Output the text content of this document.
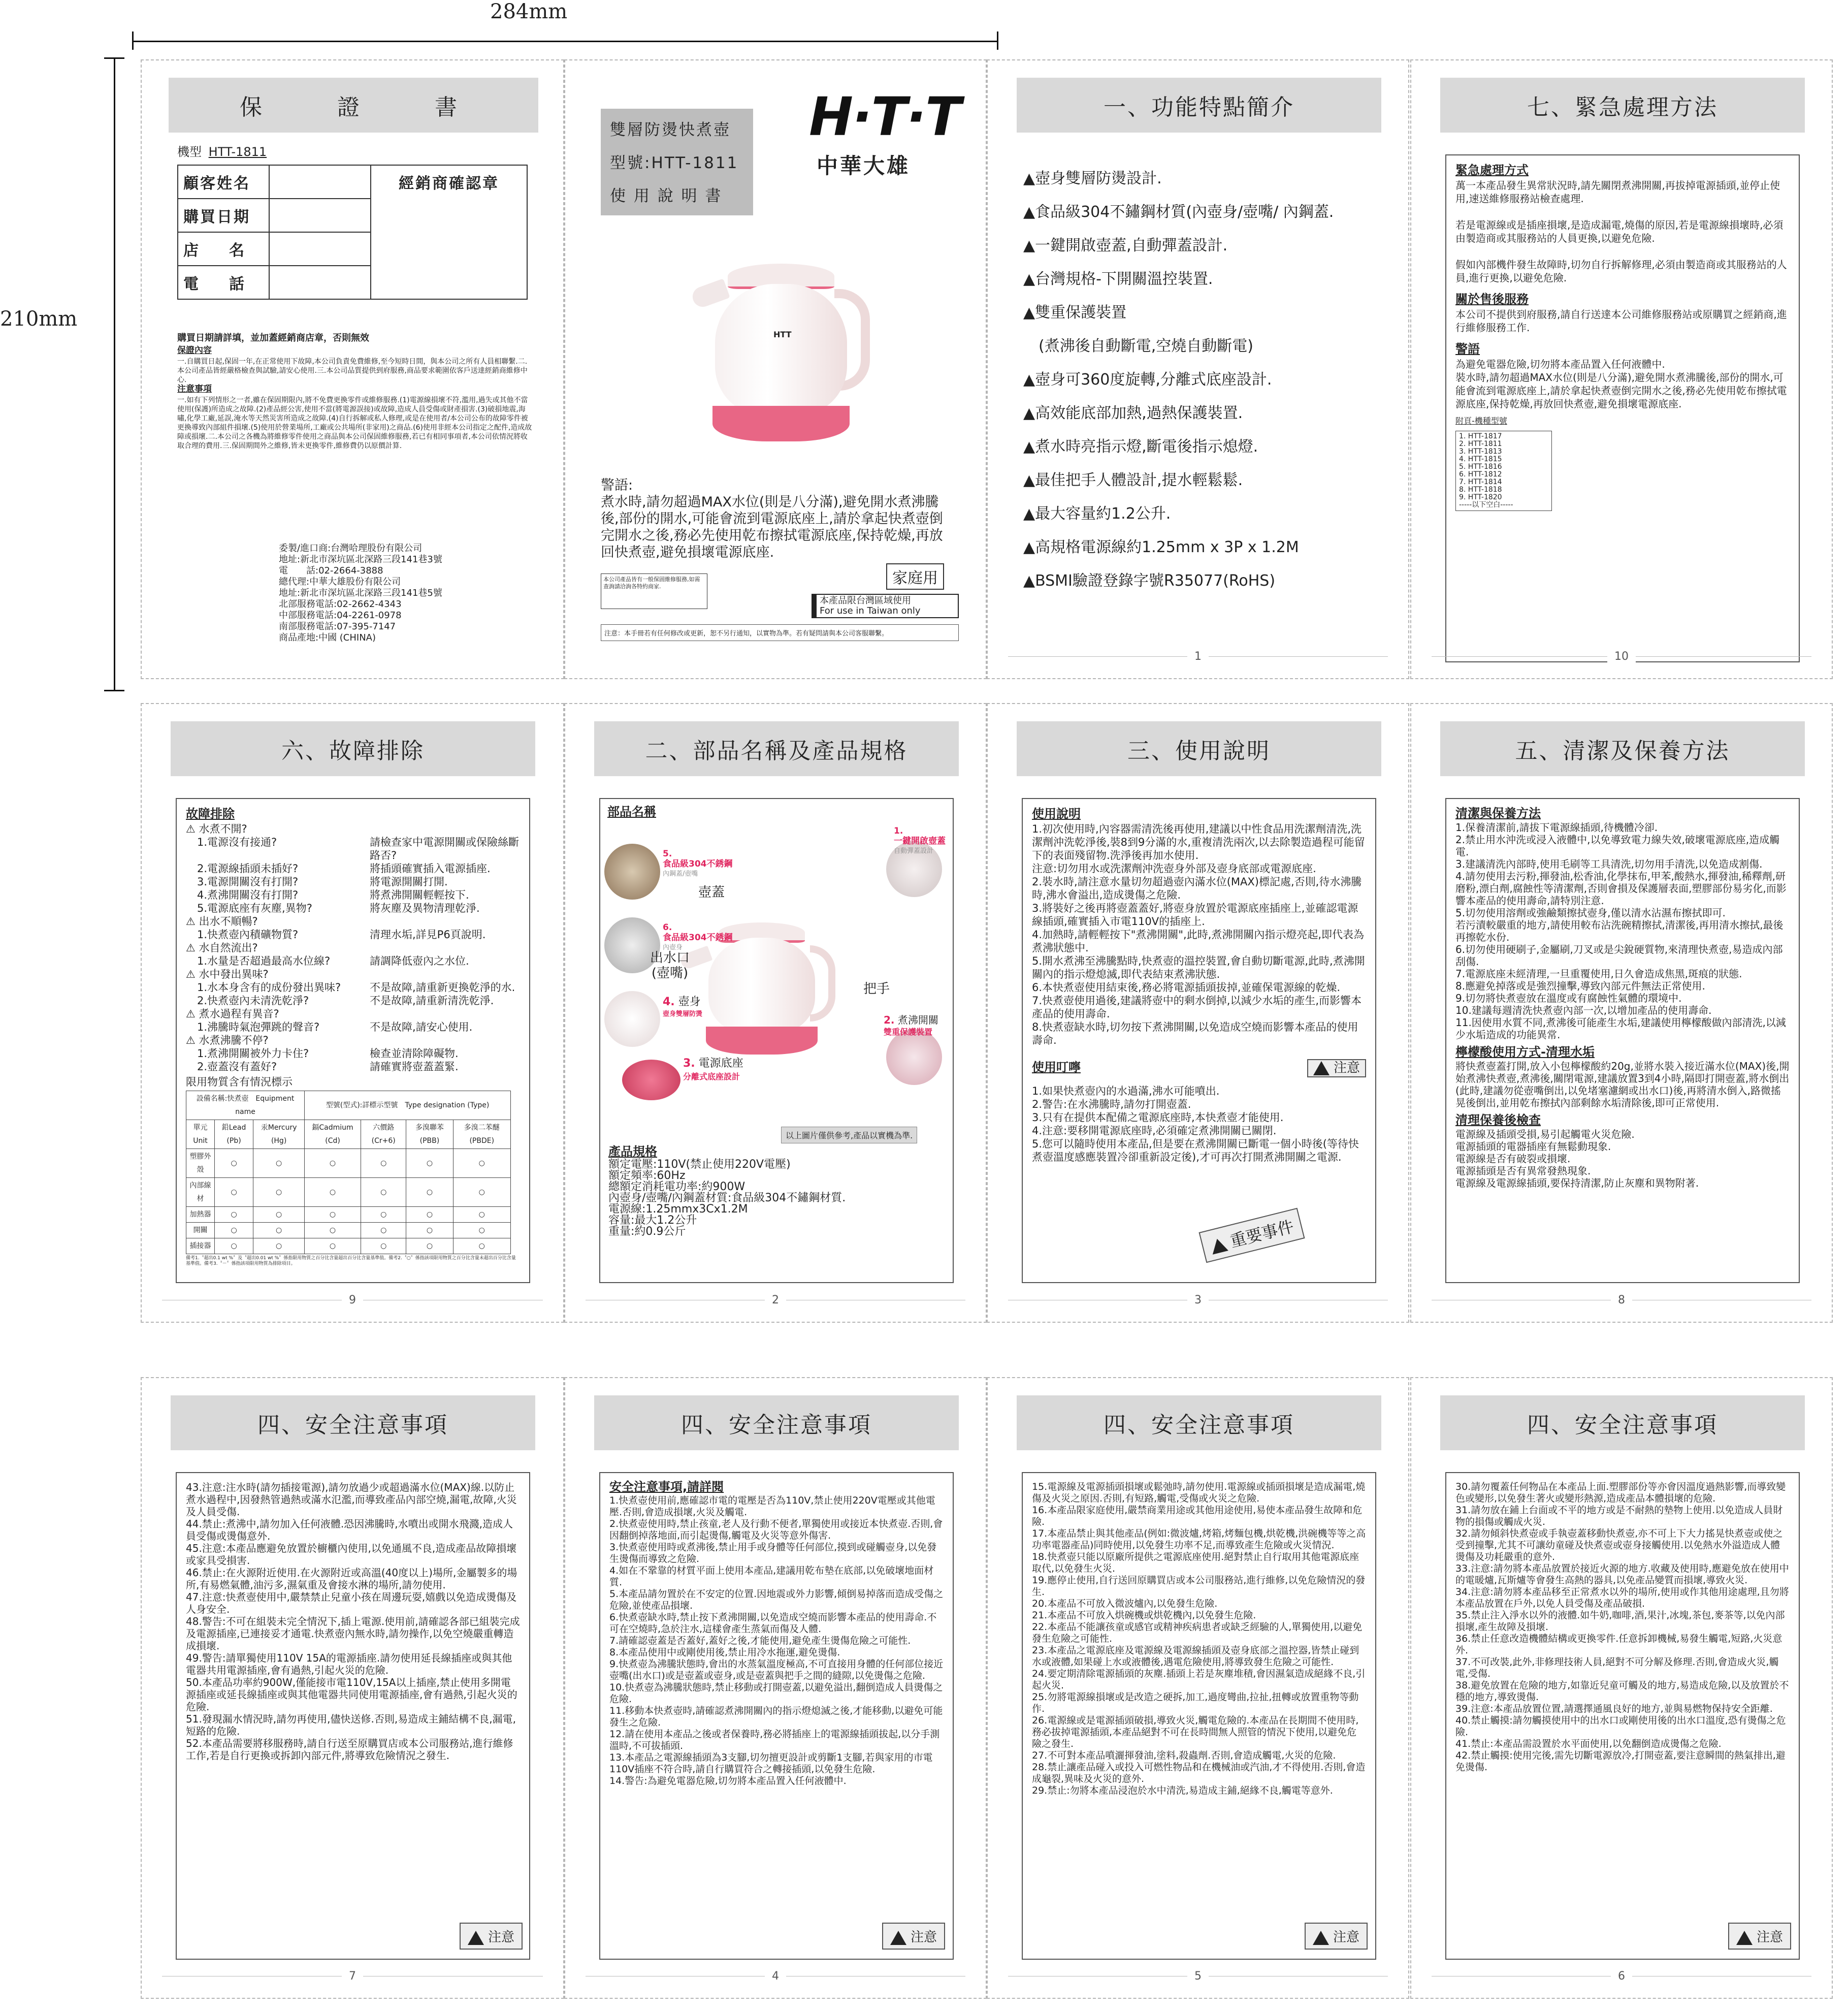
284mm
210mm
保　　證　　書
機型 HTT-1811
顧客姓名		經銷商確認章
購買日期		
店　　名		
電　　話		
購買日期請詳填，並加蓋經銷商店章，否則無效
保證內容
一.自購買日起,保固一年,在正常使用下故障,本公司負責免費維修,至今短時日間，與本公司之所有人員相聯繫.二.本公司產品皆經嚴格檢查與試驗,請安心使用.三.本公司品質提供到府服務,商品要求範圍依客戶送達經銷商維修中心.
注意事項
一.如有下列情形之一者,雖在保固期限內,將不免費更換零件或維修服務.(1)電源線損壞不符,濫用,過失或其他不當使用(保護)所造成之故障.(2)產品經公害,使用不當(將電源誤接)或故障,造成人員受傷或財產損害.(3)破損地震,海嘯,化學工廠,延誤,淹水等天然災害所造成之故障.(4)自行拆解或私人修理,或是在使用者/本公司公布的故障零件被更換導致內部組件損壞.(5)使用於營業場所,工廠或公共場所(非家用)之商品.(6)使用非經本公司指定之配件,造成故障或損壞.二.本公司之各機為將維修零件使用之商品與本公司保固維修服務,若已有相同事項者,本公司依情況將收取合理的費用.三.保固期間外之維修,皆未更換零件,維修費仍以原價計算.
委製/進口商:台灣哈理股份有限公司
地址:新北市深坑區北深路三段141巷3號
電　　話:02-2664-3888
總代理:中華大雄股份有限公司
地址:新北市深坑區北深路三段141巷5號
北部服務電話:02-2662-4343
中部服務電話:04-2261-0978
南部服務電話:07-395-7147
商品產地:中國 (CHINA)
雙層防燙快煮壺
型號:HTT-1811
使 用 說 明 書
H·T·T
中華大雄
HTT
警語:
煮水時,請勿超過MAX水位(則是八分滿),避免開水煮沸騰後,部份的開水,可能會流到電源底座上,請於拿起快煮壺倒完開水之後,務必先使用乾布擦拭電源底座,保持乾燥,再放回快煮壺,避免損壞電源底座.
家庭用
本公司產品皆有一般保固維修服務,如需查詢請洽詢各特約商家.
本產品限台灣區域使用
For use in Taiwan only
注意：本手冊若有任何修改或更新，恕不另行通知，以實物為準。若有疑問請與本公司客服聯繫。
一、功能特點簡介
▲壺身雙層防燙設計.
▲食品級304不鏽鋼材質(內壺身/壺嘴/ 內鋼蓋.
▲一鍵開啟壺蓋,自動彈蓋設計.
▲台灣規格-下開關溫控裝置.
▲雙重保護裝置
　(煮沸後自動斷電,空燒自動斷電)
▲壺身可360度旋轉,分離式底座設計.
▲高效能底部加熱,過熱保護裝置.
▲煮水時亮指示燈,斷電後指示熄燈.
▲最佳把手人體設計,提水輕鬆鬆.
▲最大容量約1.2公升.
▲高規格電源線約1.25mm x 3P x 1.2M
▲BSMI驗證登錄字號R35077(RoHS)
1
七、緊急處理方法
緊急處理方式
萬一本產品發生異常狀況時,請先關閉煮沸開關,再拔掉電源插頭,並停止使用,速送維修服務站檢查處理.

若是電源線或是插座損壞,是造成漏電,燒傷的原因,若是電源線損壞時,必須由製造商或其服務站的人員更換,以避免危險.

假如內部機件發生故障時,切勿自行拆解修理,必須由製造商或其服務站的人員,進行更換,以避免危險.
關於售後服務
本公司不提供到府服務,請自行送達本公司維修服務站或原購買之經銷商,進行維修服務工作.
警語
為避免電器危險,切勿將本產品置入任何液體中.
裝水時,請勿超過MAX水位(則是八分滿),避免開水煮沸騰後,部份的開水,可能會流到電源底座上,請於拿起快煮壺倒完開水之後,務必先使用乾布擦拭電源底座,保持乾燥,再放回快煮壺,避免損壞電源底座.
附頁-機種型號
1. HTT-1817
2. HTT-1811
3. HTT-1813
4. HTT-1815
5. HTT-1816
6. HTT-1812
7. HTT-1814
8. HTT-1818
9. HTT-1820
-----以下空白-----
10
六、故障排除
故障排除
⚠ 水煮不開?
1.電源沒有接通?	請檢查家中電源開關或保險絲斷路否?
2.電源線插頭未插好?	將插頭確實插入電源插座.
3.電源開關沒有打開?	將電源開關打開.
4.煮沸開關沒有打開?	將煮沸開關輕輕按下.
5.電源底座有灰塵,異物?	將灰塵及異物清理乾淨.
⚠ 出水不順暢?
1.快煮壺內積礦物質?	清理水垢,詳見P6頁說明.
⚠ 水自然流出?
1.水量是否超過最高水位線?	請調降低壺內之水位.
⚠ 水中發出異味?
1.水本身含有的成份發出異味?	不是故障,請重新更換乾淨的水.
2.快煮壺內未清洗乾淨?	不是故障,請重新清洗乾淨.
⚠ 煮水過程有異音?
1.沸騰時氣泡彈跳的聲音?	不是故障,請安心使用.
⚠ 水煮沸騰不停?
1.煮沸開關被外力卡住?	檢查並清除障礙物.
2.壺蓋沒有蓋好?	請確實將壺蓋蓋緊.
限用物質含有情況標示
設備名稱:快煮壺　Equipment name			型號(型式):詳標示型號　Type designation (Type)			
單元Unit	鉛Lead (Pb)	汞Mercury (Hg)	鎘Cadmium (Cd)	六價鉻 (Cr+6)	多溴聯苯 (PBB)	多溴二苯醚 (PBDE)
塑膠外殼	○	○	○	○	○	○
內部線材	○	○	○	○	○	○
加熱器	○	○	○	○	○	○
開關	○	○	○	○	○	○
插接器	○	○	○	○	○	○
備考1.〝超出0.1 wt %〞及〝超出0.01 wt %〞係指限用物質之百分比含量超出百分比含量基準值。備考2.〝○〞係指該項限用物質之百分比含量未超出百分比含量基準值。備考3.〝－〞係指該項限用物質為排除項目。
9
二、部品名稱及產品規格
部品名稱
5.
食品級304不銹鋼
內鋼蓋/壺嘴
6.
食品級304不銹鋼
內壺身
4. 壺身
壺身雙層防燙
3. 電源底座
分離式底座設計
1.
一鍵開啟壺蓋
自動彈蓋設計
2. 煮沸開關
雙重保護裝置
壺蓋
出水口
(壺嘴)
把手
以上圖片僅供參考,產品以實機為準.
產品規格
額定電壓:110V(禁止使用220V電壓)
額定頻率:60Hz
總額定消耗電功率:約900W
內壺身/壺嘴/內鋼蓋材質:食品級304不鏽鋼材質.
電源線:1.25mmx3Cx1.2M
容量:最大1.2公升
重量:約0.9公斤
2
三、使用說明
使用說明
1.初次使用時,內容器需清洗後再使用,建議以中性食品用洗潔劑清洗,洗潔劑沖洗乾淨後,裝8到9分滿的水,重複清洗兩次,以去除製造過程可能留下的表面殘留物.洗淨後再加水使用.
注意:切勿用水或洗潔劑沖洗壺身外部及壺身底部或電源底座.
2.裝水時,請注意水量切勿超過壺內滿水位(MAX)標記處,否則,待水沸騰時,沸水會溢出,造成燙傷之危險.
3.將裝好之後再將壺蓋蓋好,將壺身放置於電源底座插座上,並確認電源線插頭,確實插入市電110V的插座上.
4.加熱時,請輕輕按下"煮沸開關",此時,煮沸開關內指示燈亮起,即代表為煮沸狀態中.
5.開水煮沸至沸騰點時,快煮壺的溫控裝置,會自動切斷電源,此時,煮沸開關內的指示燈熄滅,即代表結束煮沸狀態.
6.本快煮壺使用結束後,務必將電源插頭拔掉,並確保電源線的乾燥.
7.快煮壺使用過後,建議將壺中的剩水倒掉,以減少水垢的產生,而影響本產品的使用壽命.
8.快煮壺缺水時,切勿按下煮沸開關,以免造成空燒而影響本產品的使用壽命.
使用叮嚀	注意
1.如果快煮壺內的水過滿,沸水可能噴出.
2.警告:在水沸騰時,請勿打開壺蓋.
3.只有在提供本配備之電源底座時,本快煮壺才能使用.
4.注意:要移開電源底座時,必須確定煮沸開關已關閉.
5.您可以隨時使用本產品,但是要在煮沸開關已斷電一個小時後(等待快煮壺溫度感應裝置冷卻重新設定後),才可再次打開煮沸開關之電源.
重要事件
3
五、清潔及保養方法
清潔與保養方法
1.保養清潔前,請拔下電源線插頭,待機體冷卻.
2.禁止用水沖洗或浸入液體中,以免導致電力線失效,破壞電源底座,造成觸電.
3.建議清洗內部時,使用毛刷等工具清洗,切勿用手清洗,以免造成割傷.
4.請勿使用去污粉,揮發油,松香油,化學抹布,甲苯,酸熱水,揮發油,稀釋劑,研磨粉,漂白劑,腐蝕性等清潔劑,否則會損及保護層表面,塑膠部份易劣化,而影響本產品的使用壽命,請特別注意.
5.切勿使用溶劑或強鹼類擦拭壺身,僅以清水沾濕布擦拭即可.
若污漬較嚴重的地方,請使用較布沾洗碗精擦拭,清潔後,再用清水擦拭,最後再擦乾水份.
6.切勿使用硬刷子,金屬刷,刀叉或是尖銳硬質物,來清理快煮壺,易造成內部刮傷.
7.電源底座未經清理,一旦重覆使用,日久會造成焦黑,斑痕的狀態.
8.應避免掉落或是強烈撞擊,導致內部元件無法正常使用.
9.切勿將快煮壺放在溫度或有腐蝕性氣體的環境中.
10.建議每週清洗快煮壺內部一次,以增加產品的使用壽命.
11.因使用水質不同,煮沸後可能產生水垢,建議使用檸檬酸做內部清洗,以減少水垢造成的功能異常.
檸檬酸使用方式-清理水垢
將快煮壺蓋打開,放入小包檸檬酸約20g,並將水裝入接近滿水位(MAX)後,開始煮沸快煮壺,煮沸後,關閉電源,建議放置3到4小時,隔即打開壺蓋,將水倒出(此時,建議勿從壺嘴倒出,以免堵塞濾網或出水口)後,再將清水倒入,路微搖晃後倒出,並用乾布擦拭內部剩餘水垢清除後,即可正常使用.
清理保養後檢查
電源線及插頭受損,易引起觸電火災危險.
電源插頭的電器插座有無鬆動現象.
電源線是否有破裂或損壞.
電源插頭是否有異常發熱現象.
電源線及電源線插頭,要保持清潔,防止灰塵和異物附著.
8
四、安全注意事項
43.注意:注水時(請勿插接電源),請勿放過少或超過滿水位(MAX)線.以防止煮水過程中,因發熱管過熱或滿水氾濫,而導致產品內部空燒,漏電,故障,火災及人員受傷.
44.禁止:煮沸中,請勿加入任何液體.恐因沸騰時,水噴出或開水飛濺,造成人員受傷或燙傷意外.
45.注意:本產品應避免放置於櫥櫃內使用,以免通風不良,造成產品故障損壞或家具受損害.
46.禁止:在火源附近使用.在火源附近或高溫(40度以上)場所,金屬製多的場所,有易燃氣體,油污多,濕氣重及會接水淋的場所,請勿使用.
47.注意:快煮壺使用中,嚴禁禁止兒童小孩在周邊玩耍,嬉戲以免造成燙傷及人身安全.
48.警告:不可在組裝未完全情況下,插上電源.使用前,請確認各部已組裝完成及電源插座,已連接妥才通電.快煮壺內無水時,請勿操作,以免空燒嚴重轉造成損壞.
49.警告:請單獨使用110V 15A的電源插座.請勿使用延長線插座或與其他電器共用電源插座,會有過熱,引起火災的危險.
50.本產品功率約900W,僅能接市電110V,15A以上插座,禁止使用多開電源插座或延長線插座或與其他電器共同使用電源插座,會有過熱,引起火災的危險.
51.發現漏水情況時,請勿再使用,儘快送修.否則,易造成主鋪結構不良,漏電,短路的危險.
52.本產品需要將移服務時,請自行送至原購買店或本公司服務站,進行維修工作,若是自行更換或拆卸內部元件,將導致危險情況之發生.
注意
7
四、安全注意事項
安全注意事項,請詳閱
1.快煮壺使用前,應確認市電的電壓是否為110V,禁止使用220V電壓或其他電壓.否則,會造成損壞,火災及觸電.
2.快煮壺使用時,禁止孩童,老人及行動不便者,單獨使用或接近本快煮壺.否則,會因翻倒掉落地面,而引起燙傷,觸電及火災等意外傷害.
3.快煮壺使用時或煮沸後,禁止用手或身體等任何部位,摸到或碰觸壺身,以免發生燙傷而導致之危險.
4.如在不鞏靠的材質平面上使用本產品,建議用乾布墊在底部,以免破壞地面材質.
5.本產品請勿置於在不安定的位置.因地震或外力影響,傾倒易掉落而造成受傷之危險,並使產品損壞.
6.快煮壺缺水時,禁止按下煮沸開關,以免造成空燒而影響本產品的使用壽命.不可在空燒時,急於注水,這樣會產生蒸氣而傷及人體.
7.請確認壺蓋是否蓋好,蓋好之後,才能使用,避免產生燙傷危險之可能性.
8.本產品使用中或剛使用後,禁止用冷水拖運,避免燙傷.
9.快煮壺為沸騰狀態時,會出的水蒸氣溫度極高,不可直接用身體的任何部位接近壺嘴(出水口)或是壺蓋或壺身,或是壺蓋與把手之間的縫隙,以免燙傷之危險.
10.快煮壺為沸騰狀態時,禁止移動或打開壺蓋,以避免溢出,翻倒造成人員燙傷之危險.
11.移動本快煮壺時,請確認煮沸開關內的指示燈熄滅之後,才能移動,以避免可能發生之危險.
12.請在使用本產品之後或者保養時,務必將插座上的電源線插頭拔起,以分手測溫時,不可拔插頭.
13.本產品之電源線插頭為3支腳,切勿擅更設計或剪斷1支腳,若與家用的市電110V插座不符合時,請自行購買符合之轉接插頭,以免發生危險.
14.警告:為避免電器危險,切勿將本產品置入任何液體中.
注意
4
四、安全注意事項
15.電源線及電源插頭損壞或鬆弛時,請勿使用.電源線或插頭損壞是造成漏電,燒傷及火災之原因.否則,有短路,觸電,受傷或火災之危險.
16.本產品限家庭使用,嚴禁商業用途或其他用途使用,易使本產品發生故障和危險.
17.本產品禁止與其他產品(例如:微波爐,烤箱,烤麵包機,烘乾機,洪碗機等等之高功率電器產品)同時使用,以免發生功率不足,而導致產生危險或火災情況.
18.快煮壺只能以原廠所提供之電源底座使用.絕對禁止自行取用其他電源底座取代,以免發生火災.
19.應停止使用,自行送回原購買店或本公司服務站,進行維修,以免危險情況的發生.
20.本產品不可放入微波爐內,以免發生危險.
21.本產品不可放入烘碗機或烘乾機內,以免發生危險.
22.本產品不能讓孩童或感官或精神疾病患者或缺乏經驗的人,單獨使用,以避免發生危險之可能性.
23.本產品之電源底座及電源線及電源線插頭及壺身底部之溫控器,皆禁止碰到水或液體,如果碰上水或液體後,遇電危險使用,將導致發生危險之可能性.
24.要定期清除電源插頭的灰塵.插頭上若是灰塵堆積,會因濕氣造成絕緣不良,引起火災.
25.勿將電源線損壞或是改造之硬拆,加工,過度彎曲,拉扯,扭轉或放置重物等動作.
26.電源線或是電源插頭破損,導致火災,觸電危險的.本產品在長期間不使用時,務必拔掉電源插頭,本產品絕對不可在長時間無人照管的情況下使用,以避免危險之發生.
27.不可對本產品噴灑揮發油,塗料,殺蟲劑.否則,會造成觸電,火災的危險.
28.禁止讓產品碰入或投入可燃性物品和在機械油或汽油,才不得使用.否則,會造成龜裂,異味及火災的意外.
29.禁止:勿將本產品浸泡於水中清洗,易造成主鋪,絕緣不良,觸電等意外.
注意
5
四、安全注意事項
30.請勿覆蓋任何物品在本產品上面.塑膠部份等亦會因溫度過熱影響,而導致變色或變形,以免發生著火或變形熱源,造成產品本體損壞的危險.
31.請勿放在鋪上台面或不平的地方或是不耐熱的墊物上使用.以免造成人員財物的損傷或觸成火災.
32.請勿傾斜快煮壺或手執壺蓋移動快煮壺,亦不可上下大力搖晃快煮壺或使之受到撞擊,尤其不可讓幼童碰及快煮壺或壺身接觸使用.以免熱水外溢造成人體燙傷及功耗嚴重的意外.
33.注意:請勿將本產品放置於接近火源的地方.收藏及使用時,應避免放在使用中的電暖爐,瓦斯爐等會發生高熱的器具,以免產品變質而損壞,導致火災.
34.注意:請勿將本產品移至正常煮水以外的場所,使用或作其他用途處理,且勿將本產品放置在戶外,以免人員受傷及產品破損.
35.禁止注入淨水以外的液體.如牛奶,咖啡,酒,果汁,冰塊,茶包,麥茶等,以免內部損壞,產生故障及損壞.
36.禁止任意改造機體結構或更換零件.任意拆卸機械,易發生觸電,短路,火災意外.
37.不可改裝,此外,非修理技術人員,絕對不可分解及修理.否則,會造成火災,觸電,受傷.
38.避免放置在危險的地方,如靠近兒童可觸及的地方,易造成危險,以及放置於不穩的地方,導致燙傷.
39.注意:本產品放置位置,請選擇通風良好的地方,並與易燃物保持安全距離.
40.禁止觸摸:請勿觸摸使用中的出水口或剛使用後的出水口溫度,恐有燙傷之危險.
41.禁止:本產品需設置於水平面使用,以免翻倒造成燙傷之危險.
42.禁止觸摸:使用完後,需先切斷電源放冷,打開壺蓋,要注意瞬間的熱氣排出,避免燙傷.
注意
6
